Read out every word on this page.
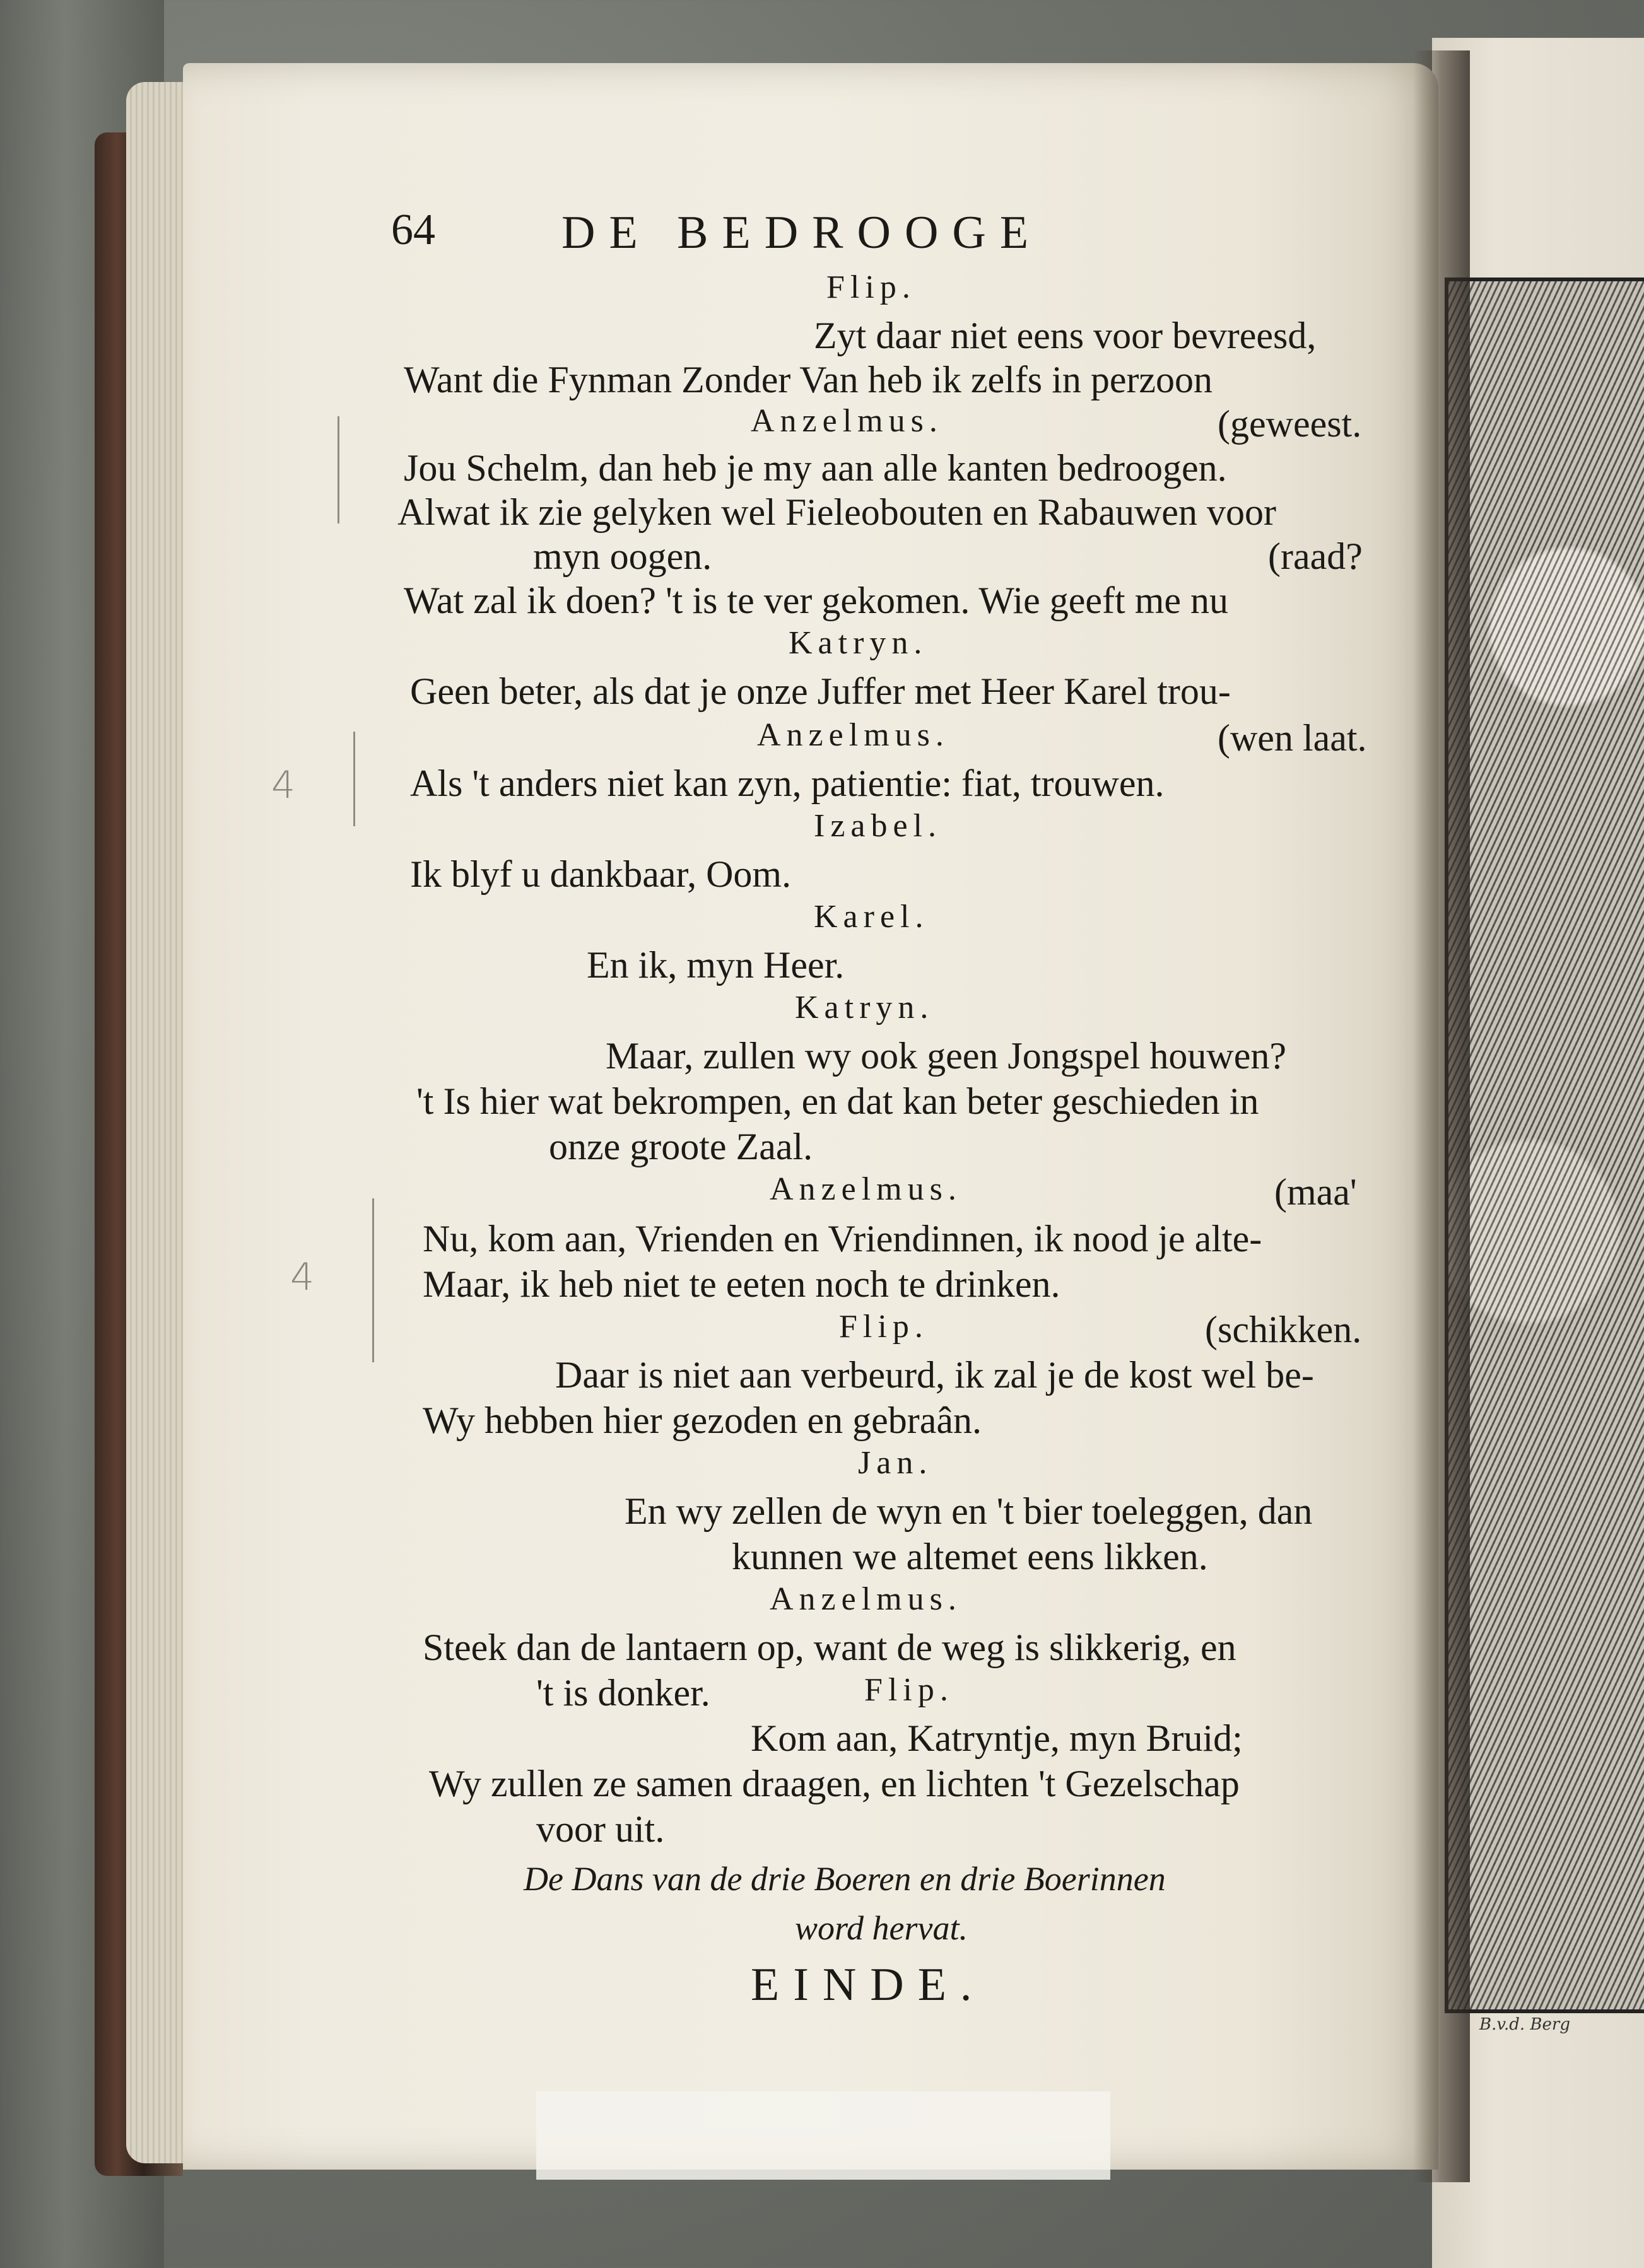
B.v.d. Berg
64	DE BEDROOGE
Flip.
Zyt daar niet eens voor bevreesd,
Want die Fynman Zonder Van heb ik zelfs in perzoon
Anzelmus.	(geweest.
Jou Schelm, dan heb je my aan alle kanten bedroogen.
Alwat ik zie gelyken wel Fieleobouten en Rabauwen voor
myn oogen.	(raad?
Wat zal ik doen? 't is te ver gekomen. Wie geeft me nu
Katryn.
Geen beter, als dat je onze Juffer met Heer Karel trou-
Anzelmus.	(wen laat.
Als 't anders niet kan zyn, patientie: fiat, trouwen.
Izabel.
Ik blyf u dankbaar, Oom.
Karel.
En ik, myn Heer.
Katryn.
Maar, zullen wy ook geen Jongspel houwen?
't Is hier wat bekrompen, en dat kan beter geschieden in
onze groote Zaal.
Anzelmus.	(maa'
Nu, kom aan, Vrienden en Vriendinnen, ik nood je alte-
Maar, ik heb niet te eeten noch te drinken.
Flip.	(schikken.
Daar is niet aan verbeurd, ik zal je de kost wel be-
Wy hebben hier gezoden en gebraân.
Jan.
En wy zellen de wyn en 't bier toeleggen, dan
kunnen we altemet eens likken.
Anzelmus.
Steek dan de lantaern op, want de weg is slikkerig, en
't is donker.	Flip.
Kom aan, Katryntje, myn Bruid;
Wy zullen ze samen draagen, en lichten 't Gezelschap
voor uit.
De Dans van de drie Boeren en drie Boerinnen
word hervat.
EINDE.
4
4
